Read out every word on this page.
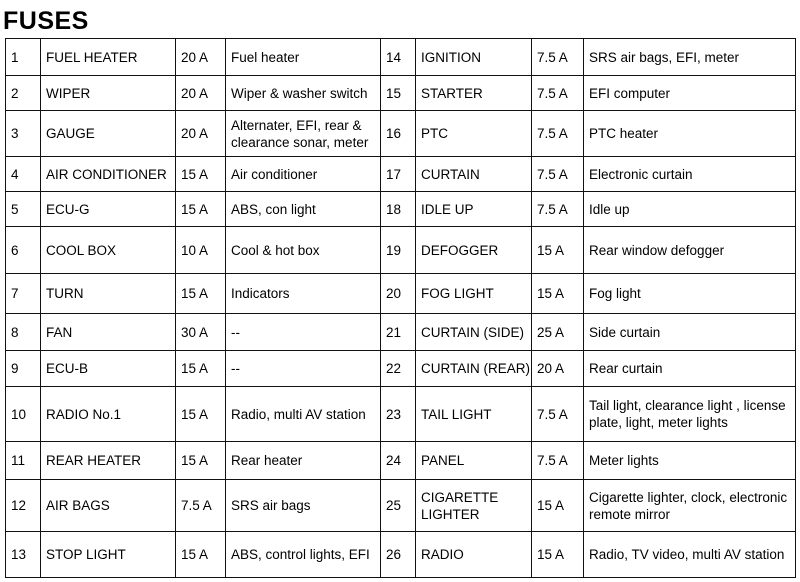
FUSES
1	FUEL HEATER	20 A	Fuel heater	14	IGNITION	7.5 A	SRS air bags, EFI, meter
2	WIPER	20 A	Wiper & washer switch	15	STARTER	7.5 A	EFI computer
3	GAUGE	20 A	Alternater, EFI, rear & clearance sonar, meter	16	PTC	7.5 A	PTC heater
4	AIR CONDITIONER	15 A	Air conditioner	17	CURTAIN	7.5 A	Electronic curtain
5	ECU-G	15 A	ABS, con light	18	IDLE UP	7.5 A	Idle up
6	COOL BOX	10 A	Cool & hot box	19	DEFOGGER	15 A	Rear window defogger
7	TURN	15 A	Indicators	20	FOG LIGHT	15 A	Fog light
8	FAN	30 A	--	21	CURTAIN (SIDE)	25 A	Side curtain
9	ECU-B	15 A	--	22	CURTAIN (REAR)	20 A	Rear curtain
10	RADIO No.1	15 A	Radio, multi AV station	23	TAIL LIGHT	7.5 A	Tail light, clearance light , license plate, light, meter lights
11	REAR HEATER	15 A	Rear heater	24	PANEL	7.5 A	Meter lights
12	AIR BAGS	7.5 A	SRS air bags	25	CIGARETTE LIGHTER	15 A	Cigarette lighter, clock, electronic remote mirror
13	STOP LIGHT	15 A	ABS, control lights, EFI	26	RADIO	15 A	Radio, TV video, multi AV station
